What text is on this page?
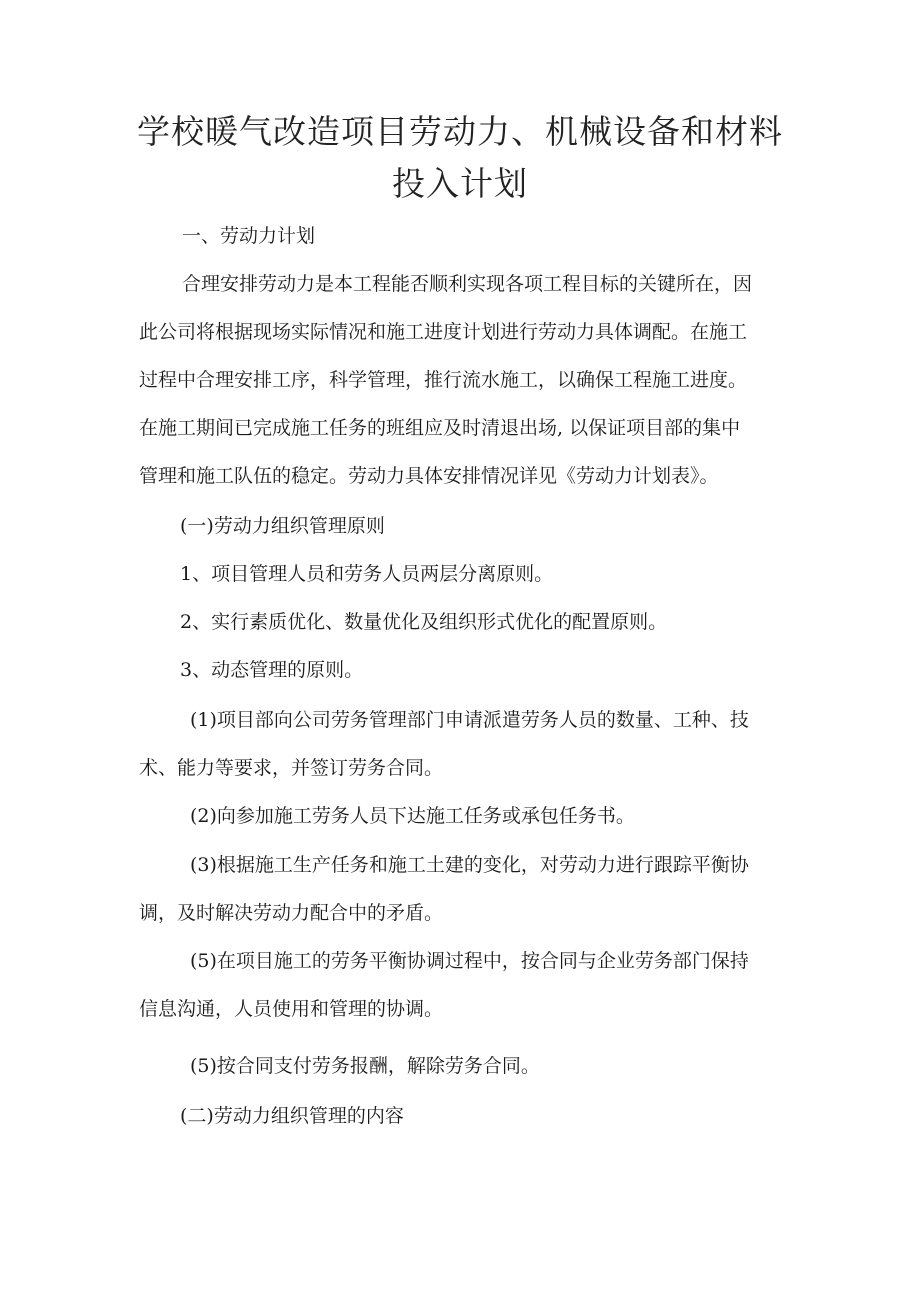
学校暖气改造项目劳动力、机械设备和材料
投入计划

一、劳动力计划

合理安排劳动力是本工程能否顺利实现各项工程目标的关键所在，因

此公司将根据现场实际情况和施工进度计划进行劳动力具体调配。在施工

过程中合理安排工序，科学管理，推行流水施工，以确保工程施工进度。

在施工期间已完成施工任务的班组应及时清退出场, 以保证项目部的集中

管理和施工队伍的稳定。劳动力具体安排情况详见《劳动力计划表》。

(一)劳动力组织管理原则

1、项目管理人员和劳务人员两层分离原则。

2、实行素质优化、数量优化及组织形式优化的配置原则。

3、动态管理的原则。

(1)项目部向公司劳务管理部门申请派遣劳务人员的数量、工种、技

术、能力等要求，并签订劳务合同。

(2)向参加施工劳务人员下达施工任务或承包任务书。

(3)根据施工生产任务和施工土建的变化，对劳动力进行跟踪平衡协

调，及时解决劳动力配合中的矛盾。

(5)在项目施工的劳务平衡协调过程中，按合同与企业劳务部门保持

信息沟通，人员使用和管理的协调。

(5)按合同支付劳务报酬，解除劳务合同。

(二)劳动力组织管理的内容
